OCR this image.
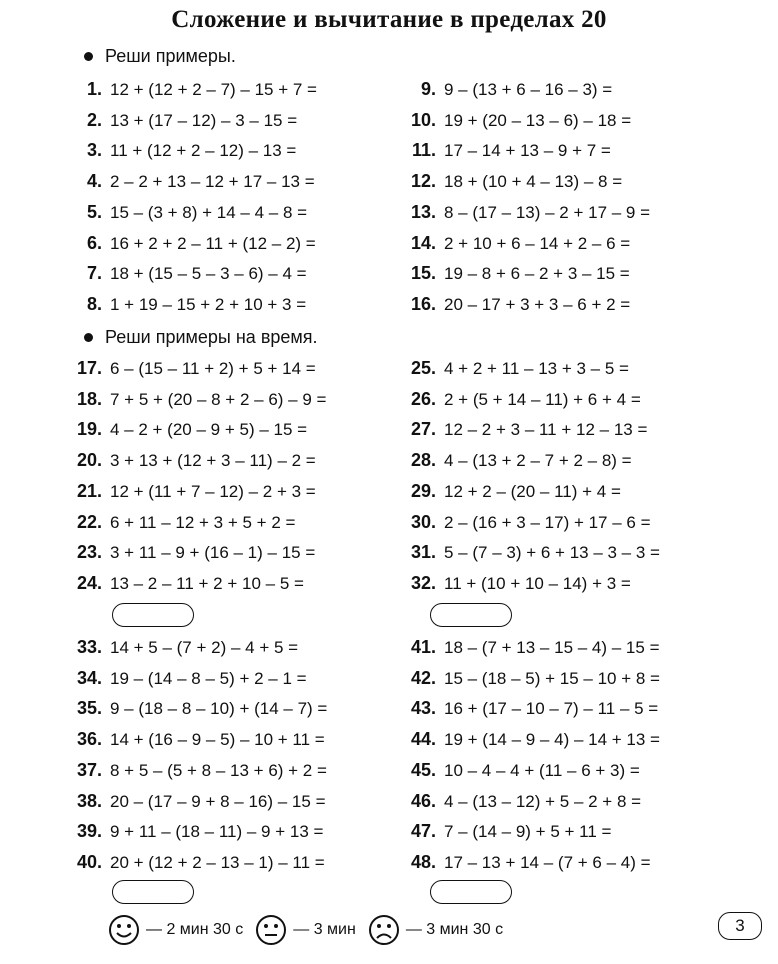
Сложение и вычитание в пределах 20
Реши примеры.
1. 12 + (12 + 2 – 7) – 15 + 7 =
2. 13 + (17 – 12) – 3 – 15 =
3. 11 + (12 + 2 – 12) – 13 =
4. 2 – 2 + 13 – 12 + 17 – 13 =
5. 15 – (3 + 8) + 14 – 4 – 8 =
6. 16 + 2 + 2 – 11 + (12 – 2) =
7. 18 + (15 – 5 – 3 – 6) – 4 =
8. 1 + 19 – 15 + 2 + 10 + 3 =
9. 9 – (13 + 6 – 16 – 3) =
10. 19 + (20 – 13 – 6) – 18 =
11. 17 – 14 + 13 – 9 + 7 =
12. 18 + (10 + 4 – 13) – 8 =
13. 8 – (17 – 13) – 2 + 17 – 9 =
14. 2 + 10 + 6 – 14 + 2 – 6 =
15. 19 – 8 + 6 – 2 + 3 – 15 =
16. 20 – 17 + 3 + 3 – 6 + 2 =
Реши примеры на время.
17. 6 – (15 – 11 + 2) + 5 + 14 =
18. 7 + 5 + (20 – 8 + 2 – 6) – 9 =
19. 4 – 2 + (20 – 9 + 5) – 15 =
20. 3 + 13 + (12 + 3 – 11) – 2 =
21. 12 + (11 + 7 – 12) – 2 + 3 =
22. 6 + 11 – 12 + 3 + 5 + 2 =
23. 3 + 11 – 9 + (16 – 1) – 15 =
24. 13 – 2 – 11 + 2 + 10 – 5 =
25. 4 + 2 + 11 – 13 + 3 – 5 =
26. 2 + (5 + 14 – 11) + 6 + 4 =
27. 12 – 2 + 3 – 11 + 12 – 13 =
28. 4 – (13 + 2 – 7 + 2 – 8) =
29. 12 + 2 – (20 – 11) + 4 =
30. 2 – (16 + 3 – 17) + 17 – 6 =
31. 5 – (7 – 3) + 6 + 13 – 3 – 3 =
32. 11 + (10 + 10 – 14) + 3 =
33. 14 + 5 – (7 + 2) – 4 + 5 =
34. 19 – (14 – 8 – 5) + 2 – 1 =
35. 9 – (18 – 8 – 10) + (14 – 7) =
36. 14 + (16 – 9 – 5) – 10 + 11 =
37. 8 + 5 – (5 + 8 – 13 + 6) + 2 =
38. 20 – (17 – 9 + 8 – 16) – 15 =
39. 9 + 11 – (18 – 11) – 9 + 13 =
40. 20 + (12 + 2 – 13 – 1) – 11 =
41. 18 – (7 + 13 – 15 – 4) – 15 =
42. 15 – (18 – 5) + 15 – 10 + 8 =
43. 16 + (17 – 10 – 7) – 11 – 5 =
44. 19 + (14 – 9 – 4) – 14 + 13 =
45. 10 – 4 – 4 + (11 – 6 + 3) =
46. 4 – (13 – 12) + 5 – 2 + 8 =
47. 7 – (14 – 9) + 5 + 11 =
48. 17 – 13 + 14 – (7 + 6 – 4) =
— 2 мин 30 с	— 3 мин	— 3 мин 30 с	3
